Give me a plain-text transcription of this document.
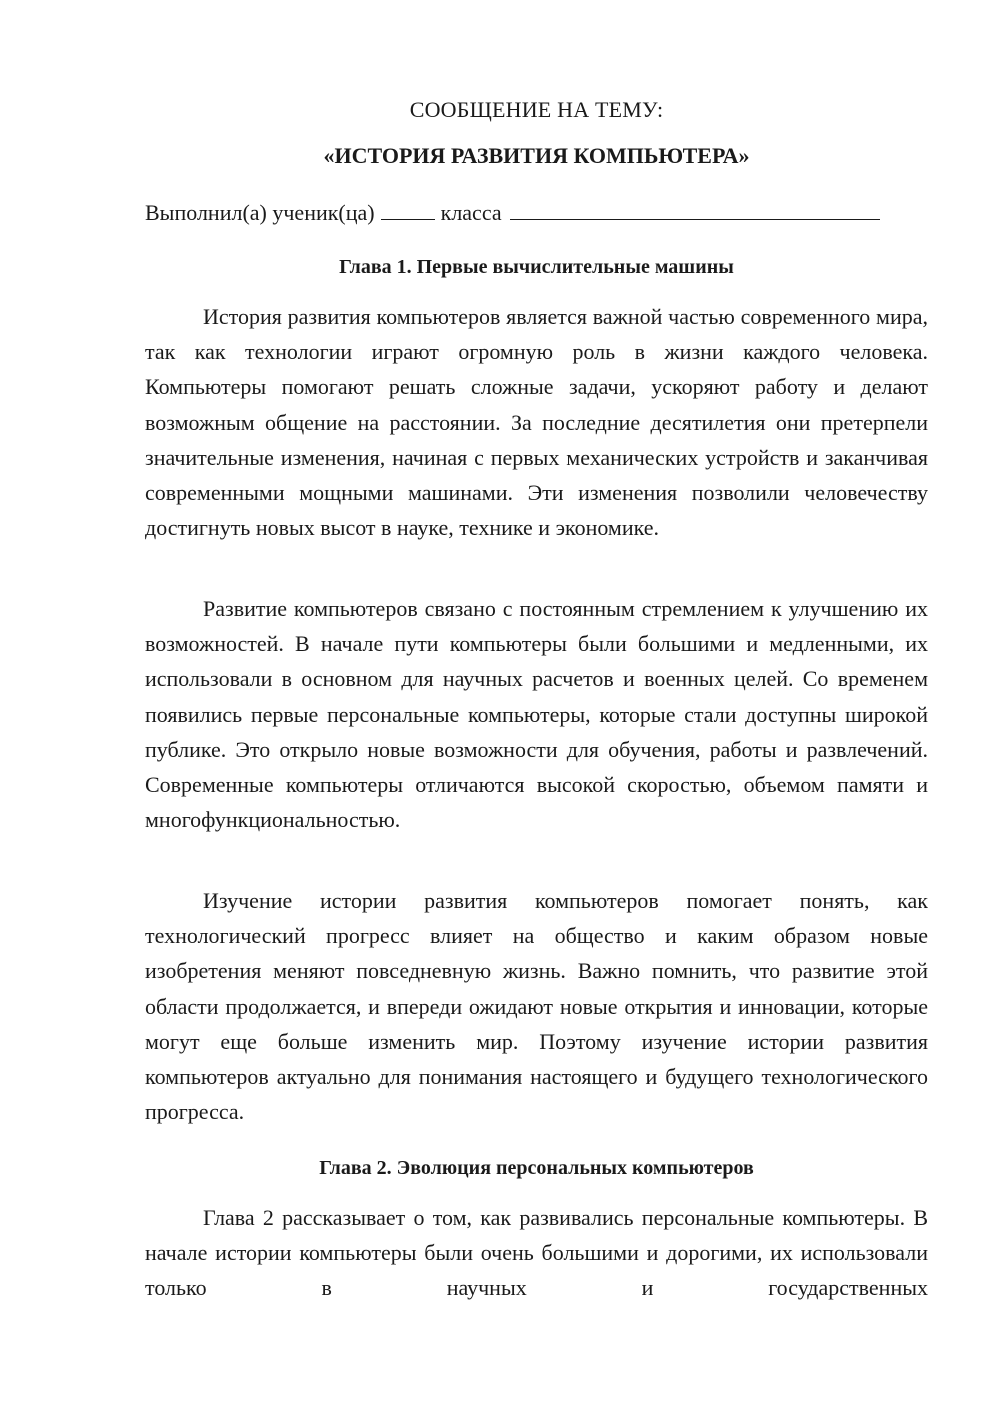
СООБЩЕНИЕ НА ТЕМУ:
«ИСТОРИЯ РАЗВИТИЯ КОМПЬЮТЕРА»
Выполнил(а) ученик(ца)	класса
Глава 1. Первые вычислительные машины

История развития компьютеров является важной частью современного мира, так как технологии играют огромную роль в жизни каждого человека. Компьютеры помогают решать сложные задачи, ускоряют работу и делают возможным общение на расстоянии. За последние десятилетия они претерпели значительные изменения, начиная с первых механических устройств и заканчивая современными мощными машинами. Эти изменения позволили человечеству достигнуть новых высот в науке, технике и экономике.

Развитие компьютеров связано с постоянным стремлением к улучшению их возможностей. В начале пути компьютеры были большими и медленными, их использовали в основном для научных расчетов и военных целей. Со временем появились первые персональные компьютеры, которые стали доступны широкой публике. Это открыло новые возможности для обучения, работы и развлечений. Современные компьютеры отличаются высокой скоростью, объемом памяти и многофункциональностью.

Изучение истории развития компьютеров помогает понять, как технологический прогресс влияет на общество и каким образом новые изобретения меняют повседневную жизнь. Важно помнить, что развитие этой области продолжается, и впереди ожидают новые открытия и инновации, которые могут еще больше изменить мир. Поэтому изучение истории развития компьютеров актуально для понимания настоящего и будущего технологического прогресса.

Глава 2. Эволюция персональных компьютеров

Глава 2 рассказывает о том, как развивались персональные компьютеры. В начале истории компьютеры были очень большими и дорогими, их использовали только в научных и государственных
